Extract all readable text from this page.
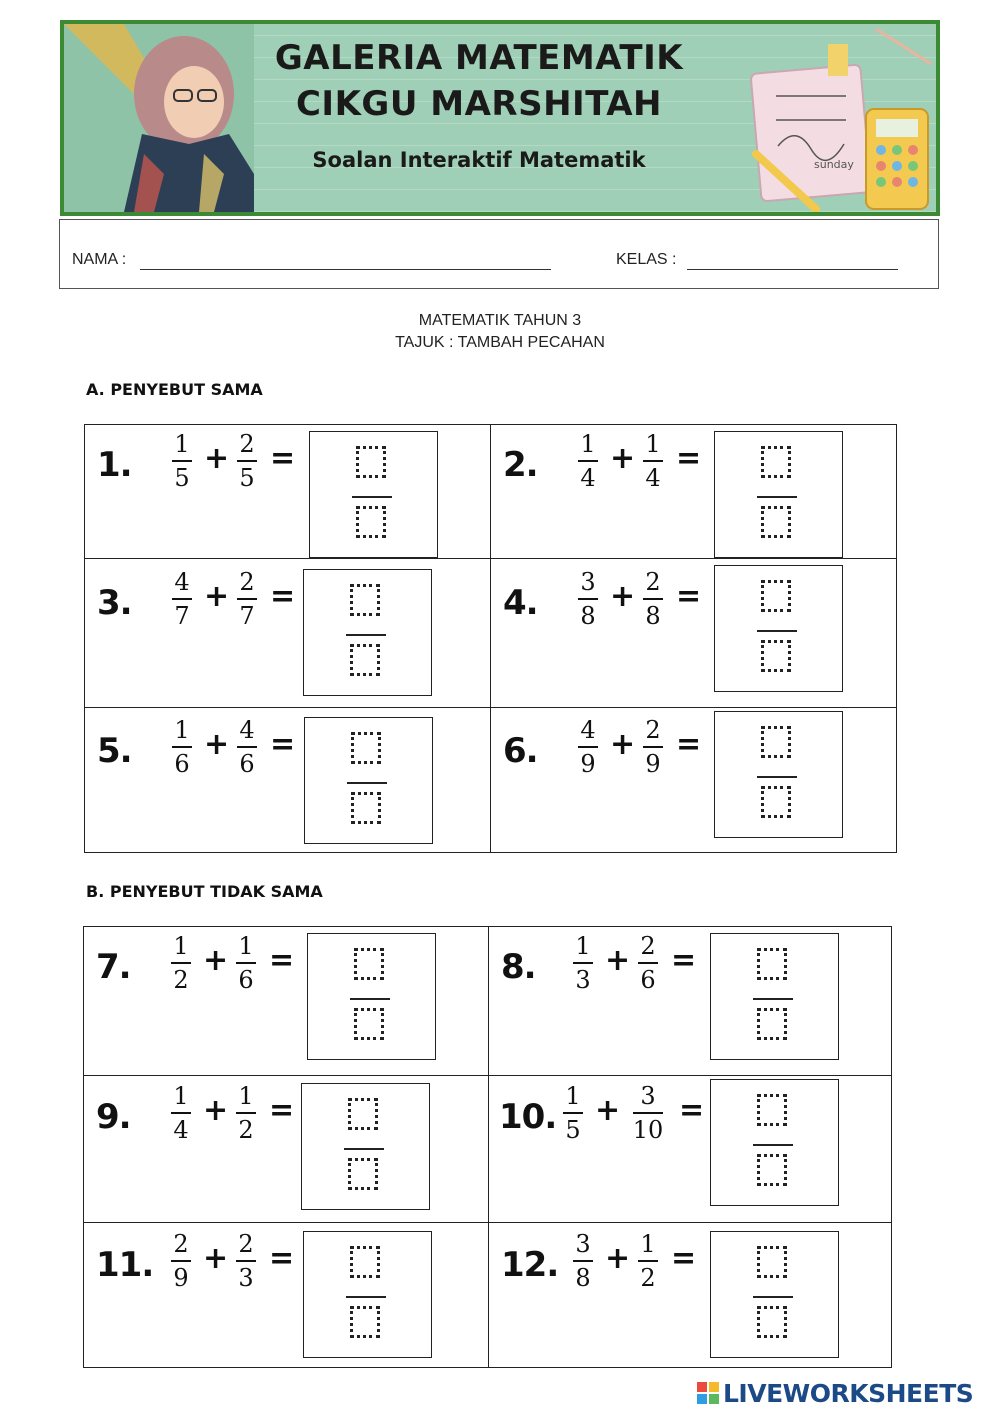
GALERIA MATEMATIK

CIKGU MARSHITAH

Soalan Interaktif Matematik	sunday
NAMA :	KELAS :

MATEMATIK TAHUN 3

TAJUK : TAMBAH PECAHAN

A. PENYEBUT SAMA

B. PENYEBUT TIDAK SAMA

1.
1
5
+ 2
5
=	2.
1
4
+ 1
4
=
3.
4
7
+ 2
7
=	4.
3
8
+ 2
8
=
5.
1
6
+ 4
6
=	6.
4
9
+ 2
9
=
7.
1
2
+ 1
6
=	8.
1
3
+ 2
6
=
9.
1
4
+ 1
2
=	10.
1
5
+ 3
10
=
11.
2
9
+ 2
3
=	12.
3
8
+ 1
2
=
LIVEWORKSHEETS
